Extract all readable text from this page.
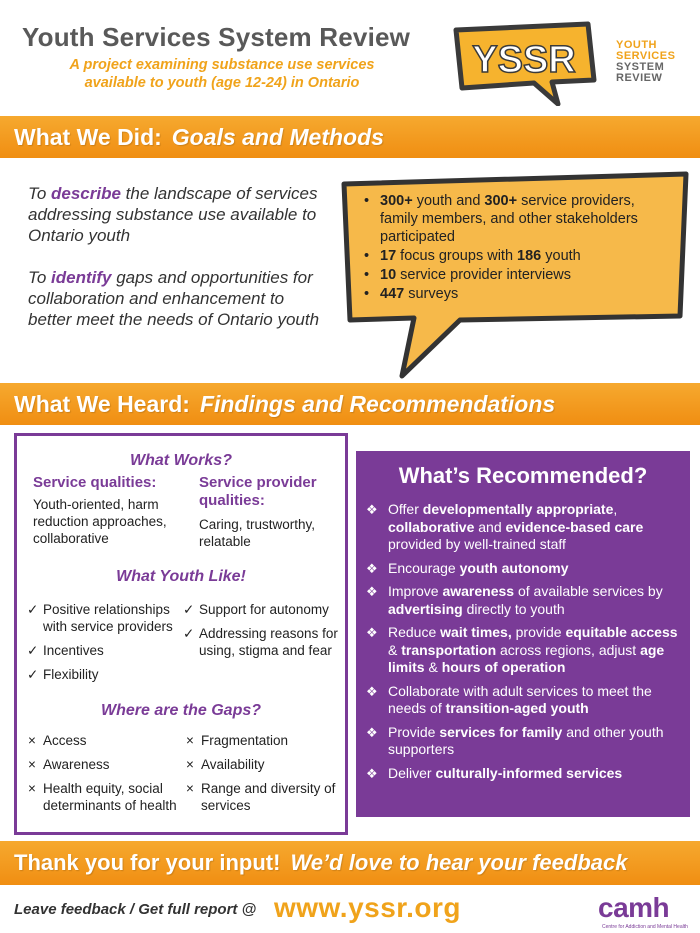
Youth Services System Review
A project examining substance use services
available to youth (age 12-24) in Ontario
YSSR	YOUTH
SERVICES
SYSTEM
REVIEW
What We Did: Goals and Methods

To describe the landscape of services addressing substance use available to Ontario youth

To identify gaps and opportunities for collaboration and enhancement to better meet the needs of Ontario youth

• 300+ youth and 300+ service providers, family members, and other stakeholders participated
• 17 focus groups with 186 youth
• 10 service provider interviews
• 447 surveys
What We Heard: Findings and Recommendations
What Works?
Service qualities:
Youth-oriented, harm reduction approaches, collaborative
Service provider qualities:
Caring, trustworthy, relatable
What Youth Like!
✓ Positive relationships with service providers
✓ Incentives
✓ Flexibility
✓ Support for autonomy
✓ Addressing reasons for using, stigma and fear
Where are the Gaps?
× Access
× Awareness
× Health equity, social determinants of health
× Fragmentation
× Availability
× Range and diversity of services
What’s Recommended?
❖ Offer developmentally appropriate, collaborative and evidence-based care provided by well-trained staff
❖ Encourage youth autonomy
❖ Improve awareness of available services by advertising directly to youth
❖ Reduce wait times, provide equitable access & transportation across regions, adjust age limits & hours of operation
❖ Collaborate with adult services to meet the needs of transition-aged youth
❖ Provide services for family and other youth supporters
❖ Deliver culturally-informed services
Thank you for your input! We’d love to hear your feedback
Leave feedback / Get full report @ www.yssr.org	camh
Centre for Addiction and Mental Health
